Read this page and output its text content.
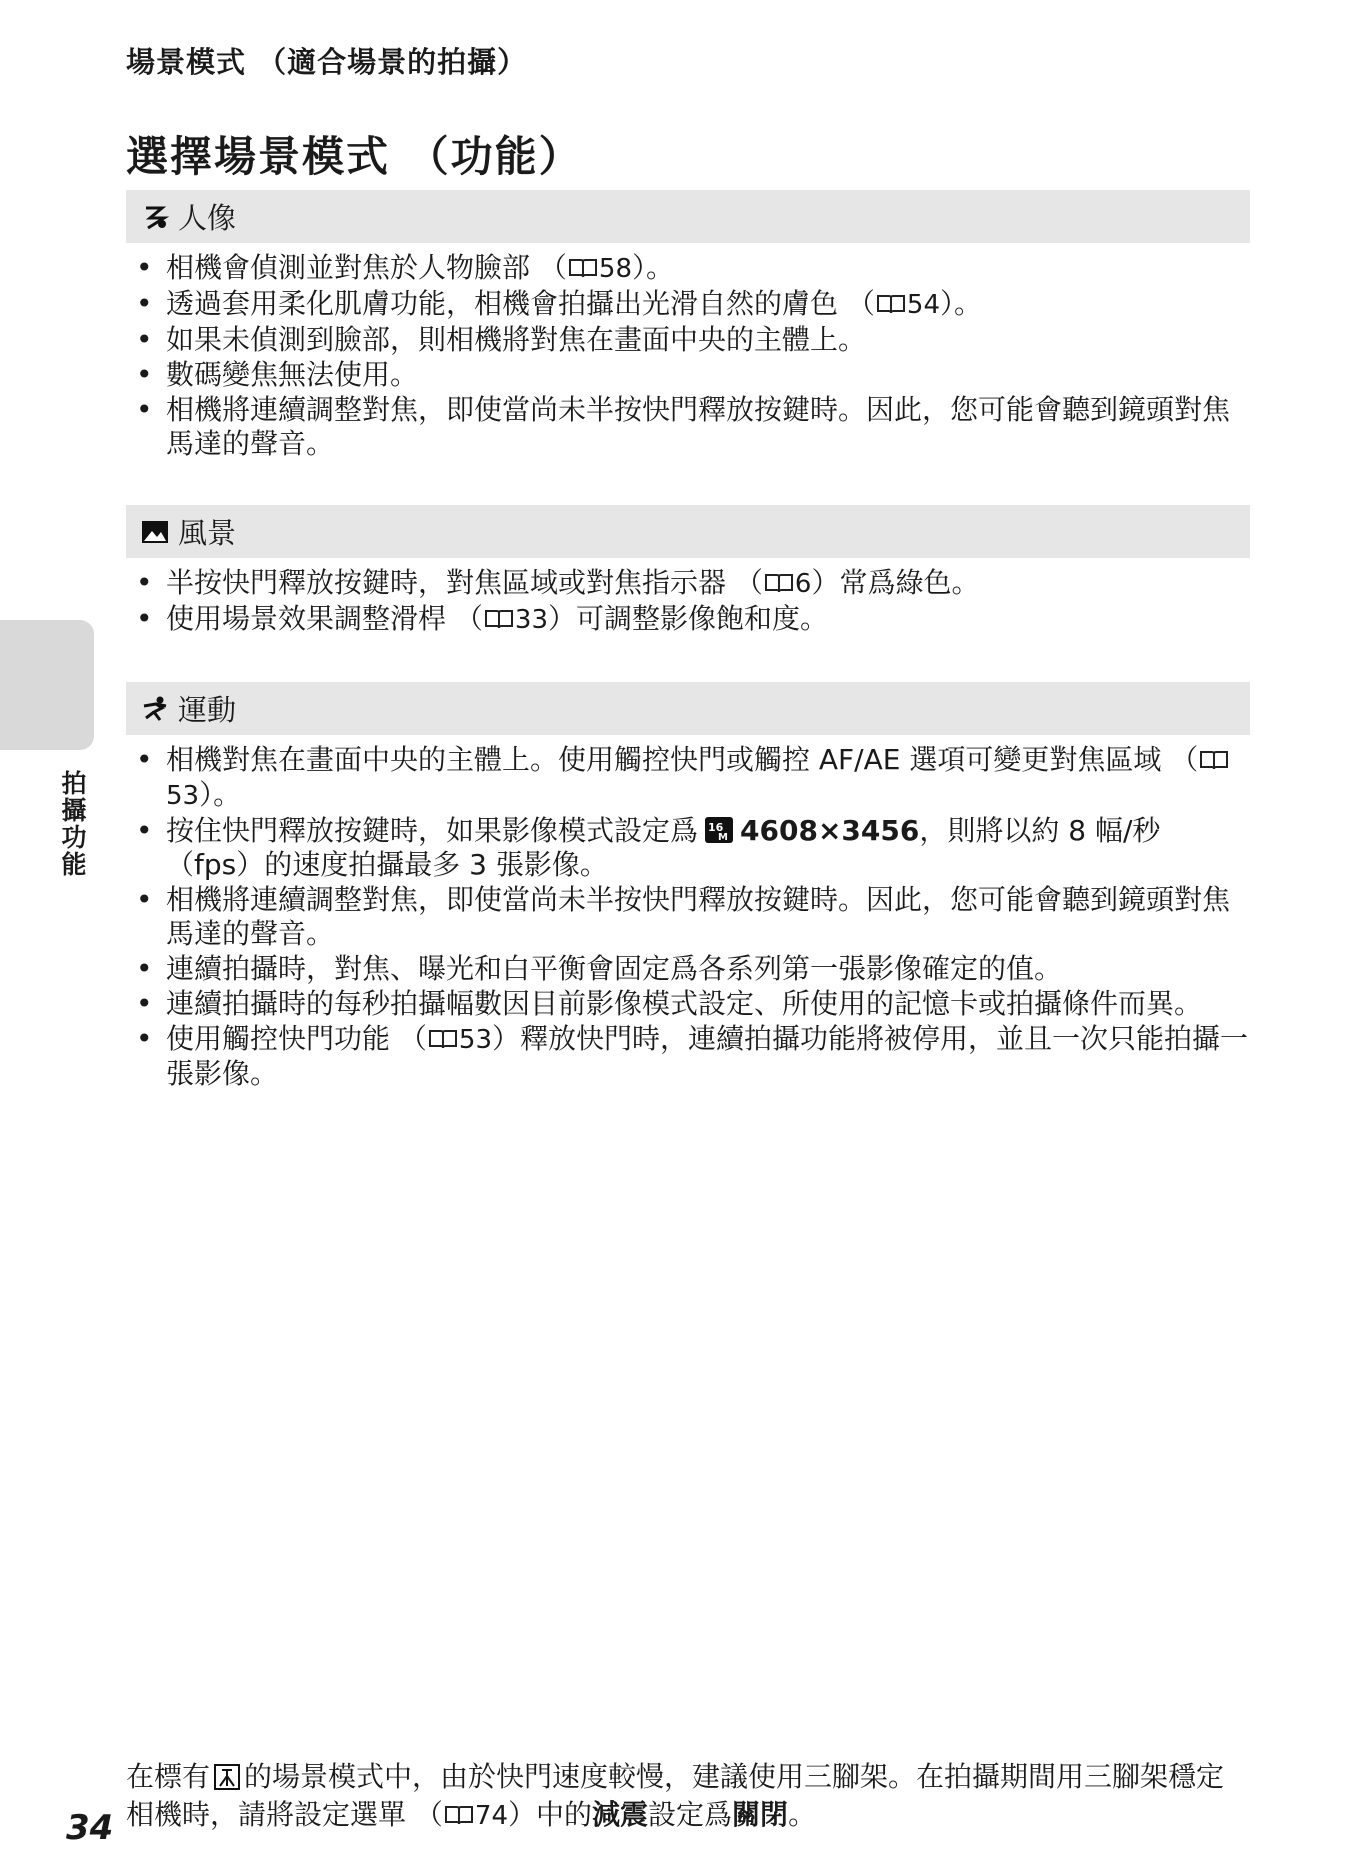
場景模式 （適合場景的拍攝）
選擇場景模式 （功能）
人像
• 相機會偵測並對焦於人物臉部 （ 58）。
• 透過套用柔化肌膚功能，相機會拍攝出光滑自然的膚色 （ 54）。
• 如果未偵測到臉部，則相機將對焦在畫面中央的主體上。
• 數碼變焦無法使用。
• 相機將連續調整對焦，即使當尚未半按快門釋放按鍵時。因此，您可能會聽到鏡頭對焦馬達的聲音。
風景
• 半按快門釋放按鍵時，對焦區域或對焦指示器 （ 6）常爲綠色。
• 使用場景效果調整滑桿 （ 33）可調整影像飽和度。
運動
• 相機對焦在畫面中央的主體上。使用觸控快門或觸控 AF/AE 選項可變更對焦區域 （53）。
• 按住快門釋放按鍵時，如果影像模式設定爲 16
M 4608×3456，則將以約 8 幅/秒 （fps）的速度拍攝最多 3 張影像。
• 相機將連續調整對焦，即使當尚未半按快門釋放按鍵時。因此，您可能會聽到鏡頭對焦馬達的聲音。
• 連續拍攝時，對焦、曝光和白平衡會固定爲各系列第一張影像確定的值。
• 連續拍攝時的每秒拍攝幅數因目前影像模式設定、所使用的記憶卡或拍攝條件而異。
• 使用觸控快門功能 （ 53）釋放快門時，連續拍攝功能將被停用，並且一次只能拍攝一張影像。
拍攝功能
在標有 的場景模式中，由於快門速度較慢，建議使用三腳架。在拍攝期間用三腳架穩定相機時，請將設定選單 （ 74）中的減震設定爲關閉。
34
